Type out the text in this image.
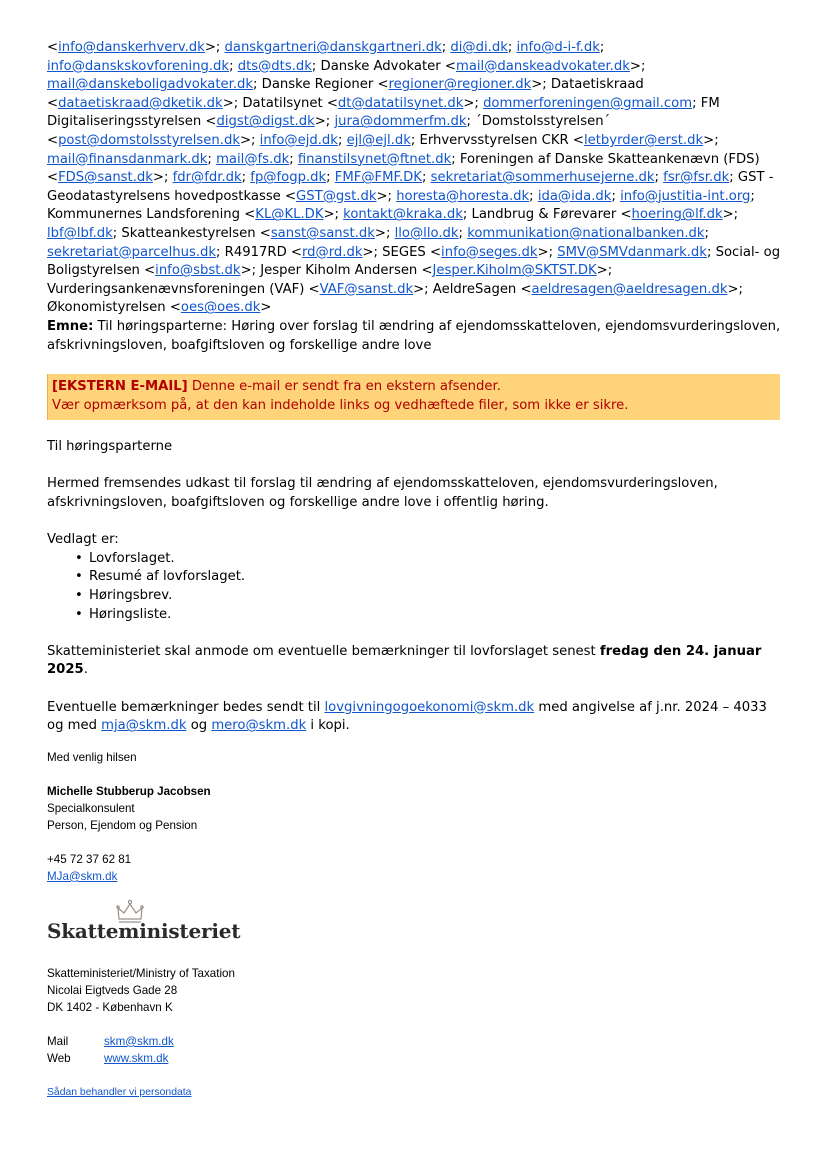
<info@danskerhverv.dk>; danskgartneri@danskgartneri.dk; di@di.dk; info@d-i-f.dk; info@danskskovforening.dk; dts@dts.dk; Danske Advokater <mail@danskeadvokater.dk>; mail@danskeboligadvokater.dk; Danske Regioner <regioner@regioner.dk>; Dataetiskraad <dataetiskraad@dketik.dk>; Datatilsynet <dt@datatilsynet.dk>; dommerforeningen@gmail.com; FM Digitaliseringsstyrelsen <digst@digst.dk>; jura@dommerfm.dk; ´Domstolsstyrelsen´ <post@domstolsstyrelsen.dk>; info@ejd.dk; ejl@ejl.dk; Erhvervsstyrelsen CKR <letbyrder@erst.dk>; mail@finansdanmark.dk; mail@fs.dk; finanstilsynet@ftnet.dk; Foreningen af Danske Skatteankenævn (FDS) <FDS@sanst.dk>; fdr@fdr.dk; fp@fogp.dk; FMF@FMF.DK; sekretariat@sommerhusejerne.dk; fsr@fsr.dk; GST - Geodatastyrelsens hovedpostkasse <GST@gst.dk>; horesta@horesta.dk; ida@ida.dk; info@justitia-int.org; Kommunernes Landsforening <KL@KL.DK>; kontakt@kraka.dk; Landbrug & Førevarer <hoering@lf.dk>; lbf@lbf.dk; Skatteankestyrelsen <sanst@sanst.dk>; llo@llo.dk; kommunikation@nationalbanken.dk; sekretariat@parcelhus.dk; R4917RD <rd@rd.dk>; SEGES <info@seges.dk>; SMV@SMVdanmark.dk; Social- og Boligstyrelsen <info@sbst.dk>; Jesper Kiholm Andersen <Jesper.Kiholm@SKTST.DK>; Vurderingsankenævnsforeningen (VAF) <VAF@sanst.dk>; AeldreSagen <aeldresagen@aeldresagen.dk>; Økonomistyrelsen <oes@oes.dk>
Emne: Til høringsparterne: Høring over forslag til ændring af ejendomsskatteloven, ejendomsvurderingsloven, afskrivningsloven, boafgiftsloven og forskellige andre love
[EKSTERN E-MAIL] Denne e-mail er sendt fra en ekstern afsender.
Vær opmærksom på, at den kan indeholde links og vedhæftede filer, som ikke er sikre.

Til høringsparterne

Hermed fremsendes udkast til forslag til ændring af ejendomsskatteloven, ejendomsvurderingsloven, afskrivningsloven, boafgiftsloven og forskellige andre love i offentlig høring.

Vedlagt er:

• Lovforslaget.
• Resumé af lovforslaget.
• Høringsbrev.
• Høringsliste.

Skatteministeriet skal anmode om eventuelle bemærkninger til lovforslaget senest fredag den 24. januar 2025.

Eventuelle bemærkninger bedes sendt til lovgivningogoekonomi@skm.dk med angivelse af j.nr. 2024 – 4033 og med mja@skm.dk og mero@skm.dk i kopi.

Med venlig hilsen
Michelle Stubberup Jacobsen
Specialkonsulent
Person, Ejendom og Pension
+45 72 37 62 81
MJa@skm.dk
Skatteministeriet
Skatteministeriet/Ministry of Taxation
Nicolai Eigtveds Gade 28
DK 1402 - København K
Mail	skm@skm.dk
Web	www.skm.dk
Sådan behandler vi persondata
